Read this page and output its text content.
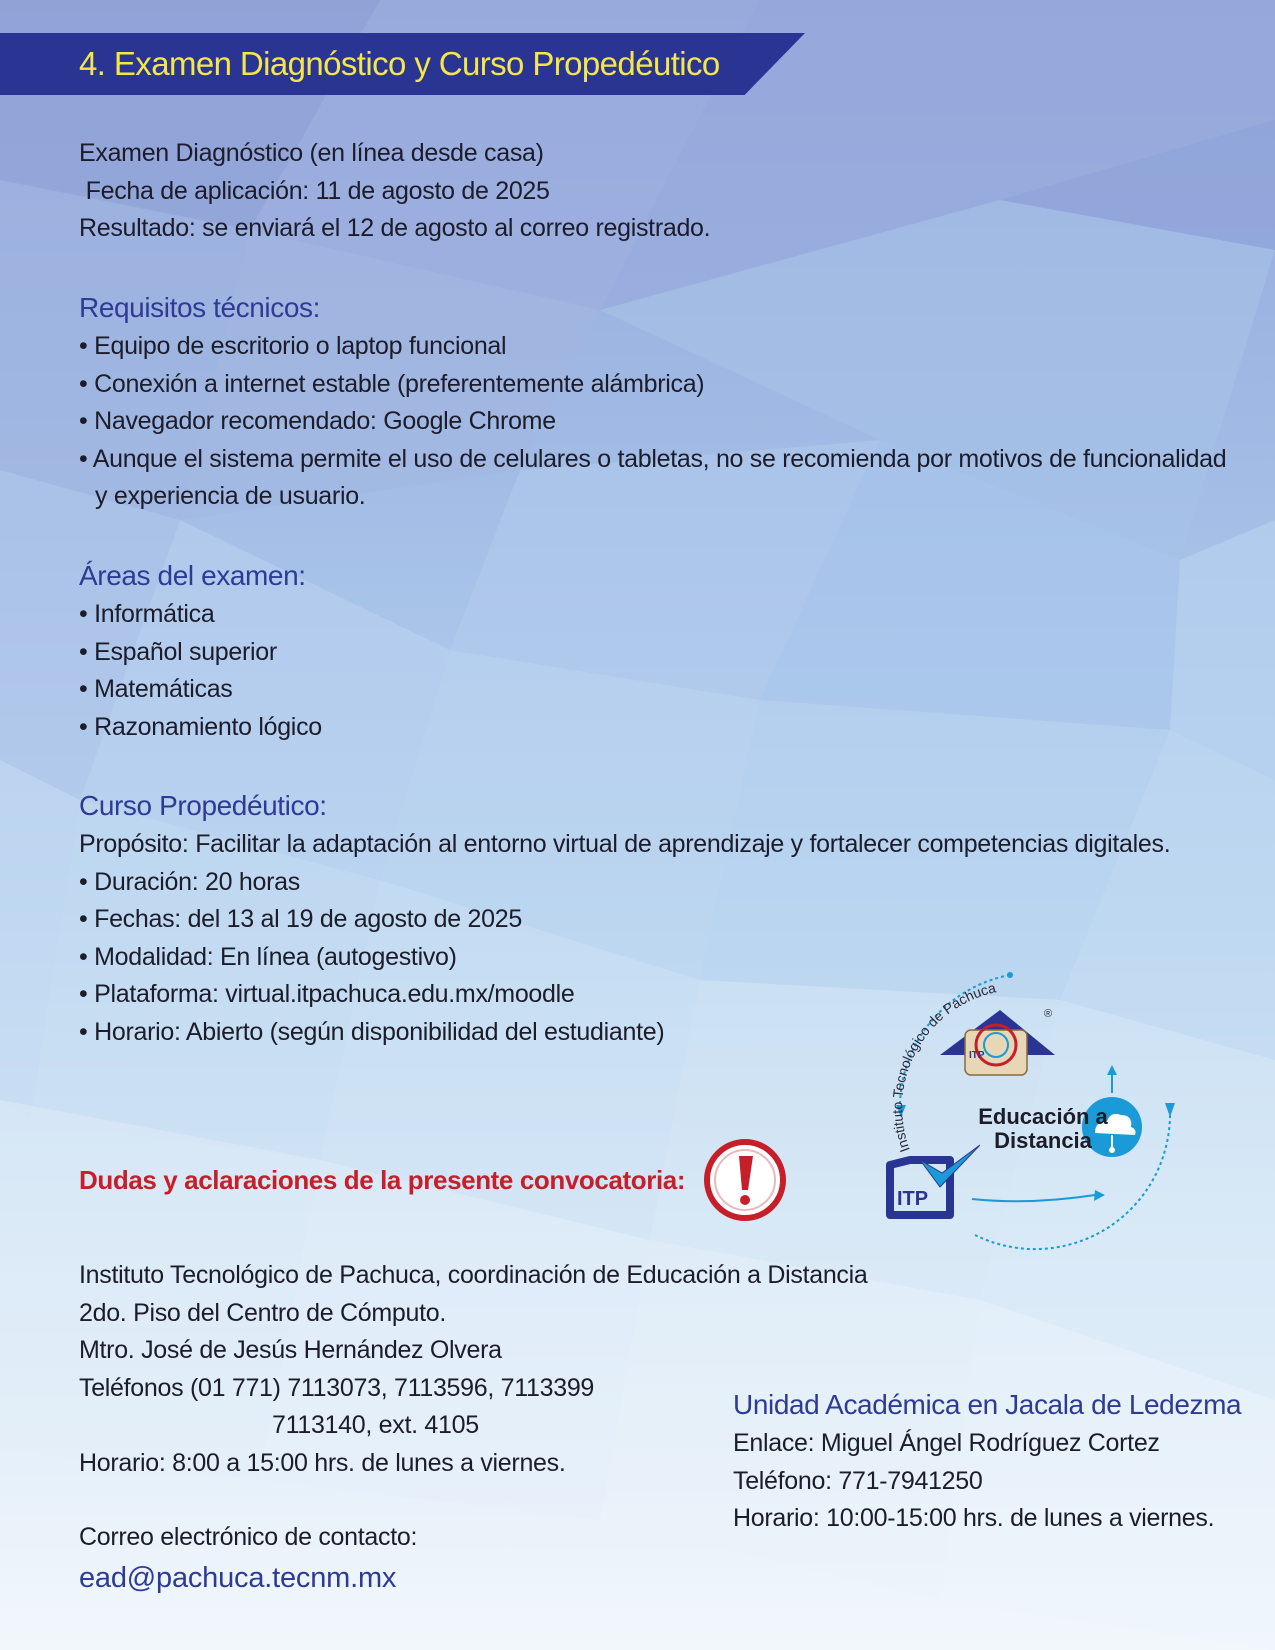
4. Examen Diagnóstico y Curso Propedéutico
Examen Diagnóstico (en línea desde casa)
Fecha de aplicación: 11 de agosto de 2025
Resultado: se enviará el 12 de agosto al correo registrado.
Requisitos técnicos:
• Equipo de escritorio o laptop funcional
• Conexión a internet estable (preferentemente alámbrica)
• Navegador recomendado: Google Chrome
• Aunque el sistema permite el uso de celulares o tabletas, no se recomienda por motivos de funcionalidad
y experiencia de usuario.
Áreas del examen:
• Informática
• Español superior
• Matemáticas
• Razonamiento lógico
Curso Propedéutico:
Propósito: Facilitar la adaptación al entorno virtual de aprendizaje y fortalecer competencias digitales.
• Duración: 20 horas
• Fechas: del 13 al 19 de agosto de 2025
• Modalidad: En línea (autogestivo)
• Plataforma: virtual.itpachuca.edu.mx/moodle
• Horario: Abierto (según disponibilidad del estudiante)
Instituto Tecnológico de Pachuca
ITP
®
ITP
Educación a
Distancia
Dudas y aclaraciones de la presente convocatoria:
Instituto Tecnológico de Pachuca, coordinación de Educación a Distancia
2do. Piso del Centro de Cómputo.
Mtro. José de Jesús Hernández Olvera
Teléfonos (01 771) 7113073, 7113596, 7113399
7113140, ext. 4105
Horario: 8:00 a 15:00 hrs. de lunes a viernes.
Correo electrónico de contacto:
ead@pachuca.tecnm.mx
Unidad Académica en Jacala de Ledezma
Enlace: Miguel Ángel Rodríguez Cortez
Teléfono: 771-7941250
Horario: 10:00-15:00 hrs. de lunes a viernes.
